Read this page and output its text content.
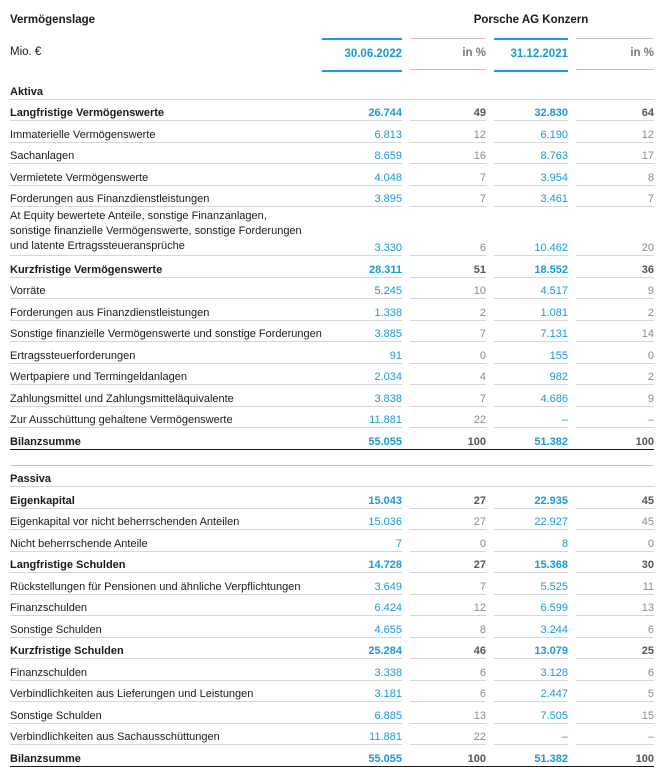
Vermögenslage	Porsche AG Konzern
Mio. €	30.06.2022	in %	31.12.2021	in %
Aktiva							
Langfristige Vermögenswerte	26.744		49		32.830		64
Immaterielle Vermögenswerte	6.813		12		6.190		12
Sachanlagen	8.659		16		8.763		17
Vermietete Vermögenswerte	4.048		7		3.954		8
Forderungen aus Finanzdienstleistungen	3.895		7		3.461		7

At Equity bewertete Anteile, sonstige Finanzanlagen,
sonstige finanzielle Vermögenswerte, sonstige Forderungen
und latente Ertragssteueransprüche	3.330		6		10.462		20
Kurzfristige Vermögenswerte	28.311		51		18.552		36
Vorräte	5.245		10		4.517		9
Forderungen aus Finanzdienstleistungen	1.338		2		1.081		2
Sonstige finanzielle Vermögenswerte und sonstige Forderungen	3.885		7		7.131		14
Ertragssteuerforderungen	91		0		155		0
Wertpapiere und Termingeldanlagen	2.034		4		982		2
Zahlungsmittel und Zahlungsmitteläquivalente	3.838		7		4.686		9
Zur Ausschüttung gehaltene Vermögenswerte	11.881		22		–		–
Bilanzsumme	55.055		100		51.382		100

Passiva							
Eigenkapital	15.043		27		22.935		45
Eigenkapital vor nicht beherrschenden Anteilen	15.036		27		22.927		45
Nicht beherrschende Anteile	7		0		8		0
Langfristige Schulden	14.728		27		15.368		30
Rückstellungen für Pensionen und ähnliche Verpflichtungen	3.649		7		5.525		11
Finanzschulden	6.424		12		6.599		13
Sonstige Schulden	4.655		8		3.244		6
Kurzfristige Schulden	25.284		46		13.079		25
Finanzschulden	3.338		6		3.128		6
Verbindlichkeiten aus Lieferungen und Leistungen	3.181		6		2.447		5
Sonstige Schulden	6.885		13		7.505		15
Verbindlichkeiten aus Sachausschüttungen	11.881		22		–		–
Bilanzsumme	55.055		100		51.382		100
